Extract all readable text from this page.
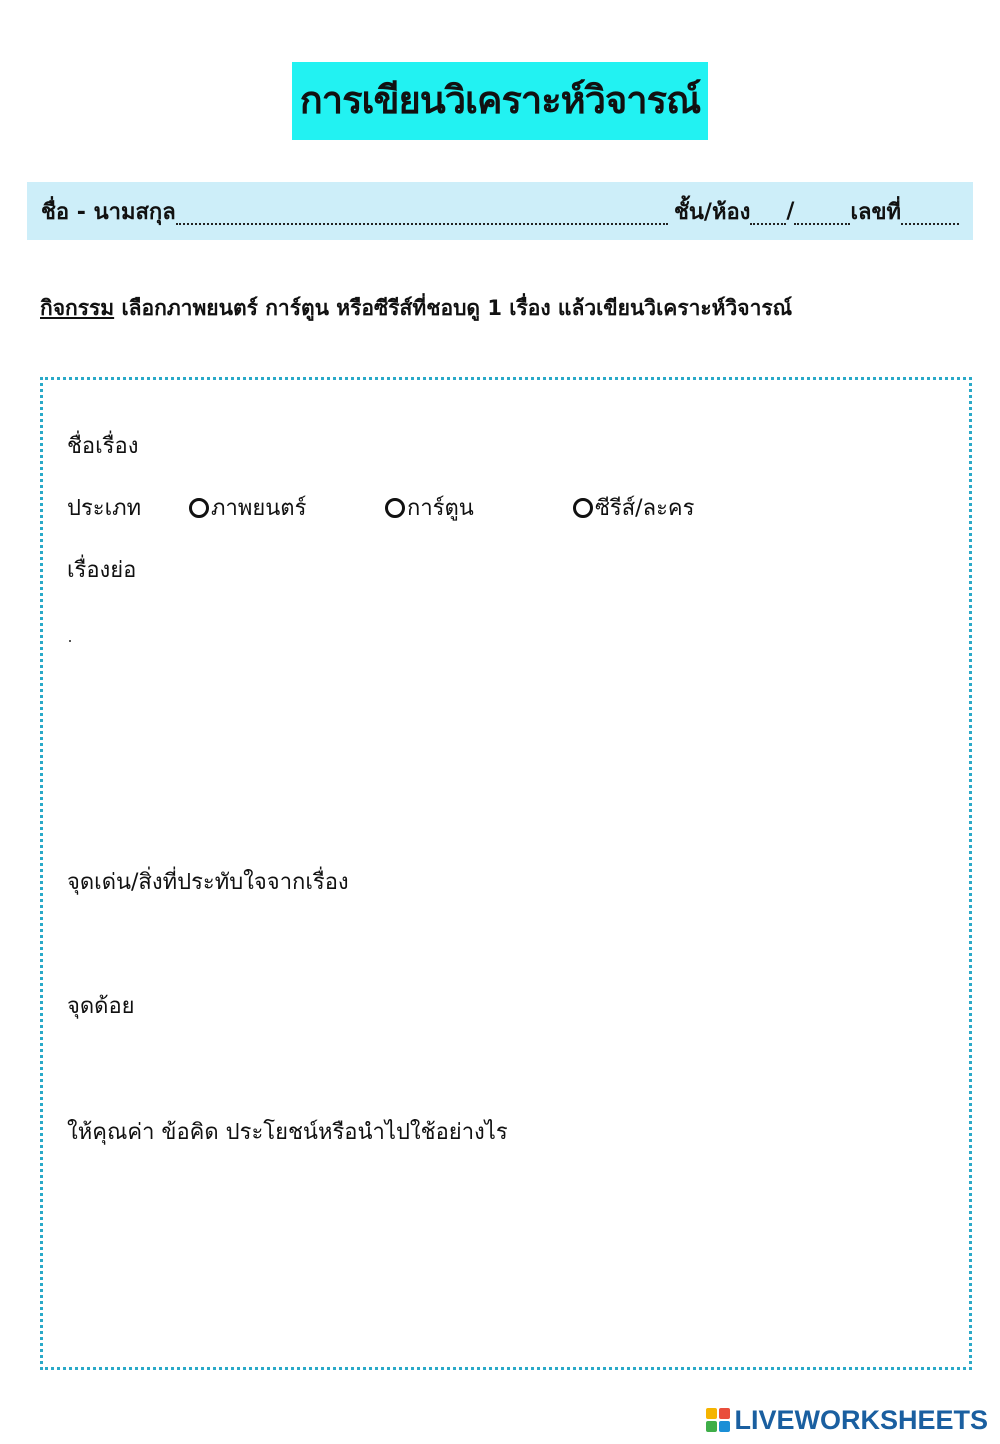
การเขียนวิเคราะห์วิจารณ์
ชื่อ - นามสกุล	ชั้น/ห้อง /	เลขที่
กิจกรรม เลือกภาพยนตร์ การ์ตูน หรือซีรีส์ที่ชอบดู 1 เรื่อง แล้วเขียนวิเคราะห์วิจารณ์
ชื่อเรื่อง
ประเภท	ภาพยนตร์	การ์ตูน	ซีรีส์/ละคร
เรื่องย่อ
จุดเด่น/สิ่งที่ประทับใจจากเรื่อง
จุดด้อย
ให้คุณค่า ข้อคิด ประโยชน์หรือนำไปใช้อย่างไร
LIVEWORKSHEETS
